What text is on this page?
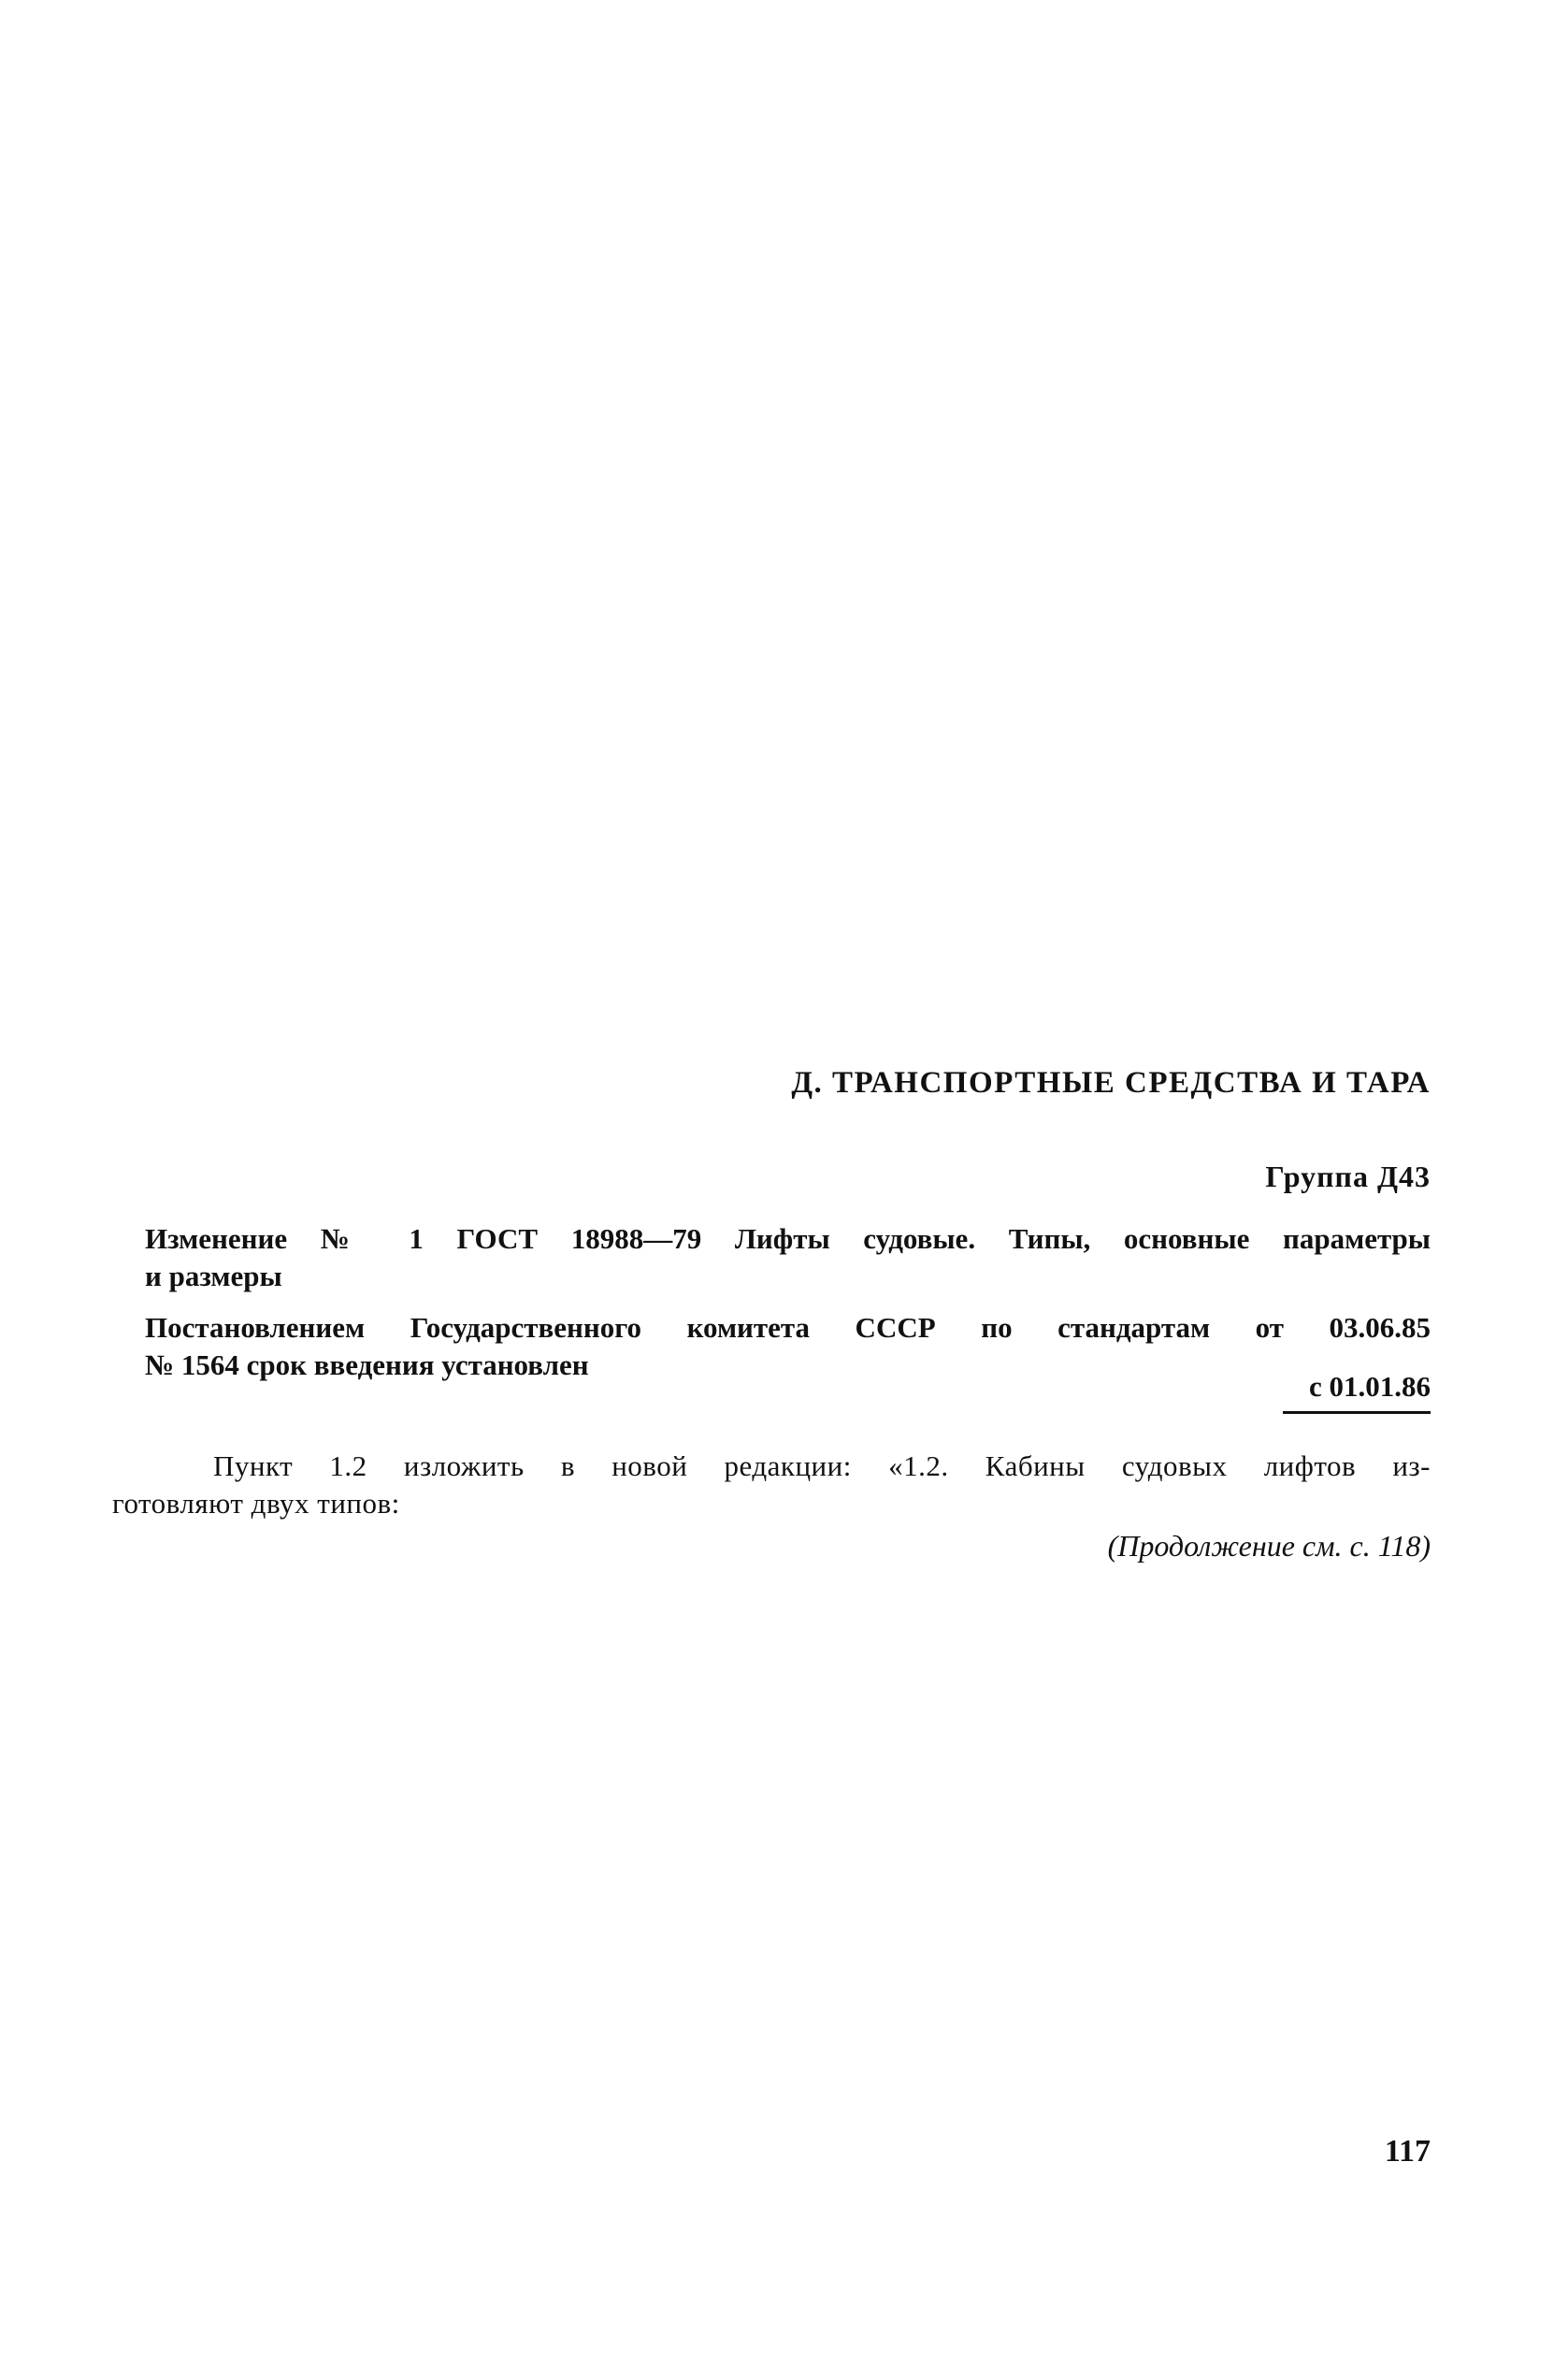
Д. ТРАНСПОРТНЫЕ СРЕДСТВА И ТАРА
Группа Д43
Изменение № 1 ГОСТ 18988—79 Лифты судовые. Типы, основные параметры
и размеры
Постановлением Государственного комитета СССР по стандартам от 03.06.85
№ 1564 срок введения установлен
с 01.01.86
Пункт 1.2 изложить в новой редакции: «1.2. Кабины судовых лифтов из-
готовляют двух типов:
(Продолжение см. с. 118)
117
